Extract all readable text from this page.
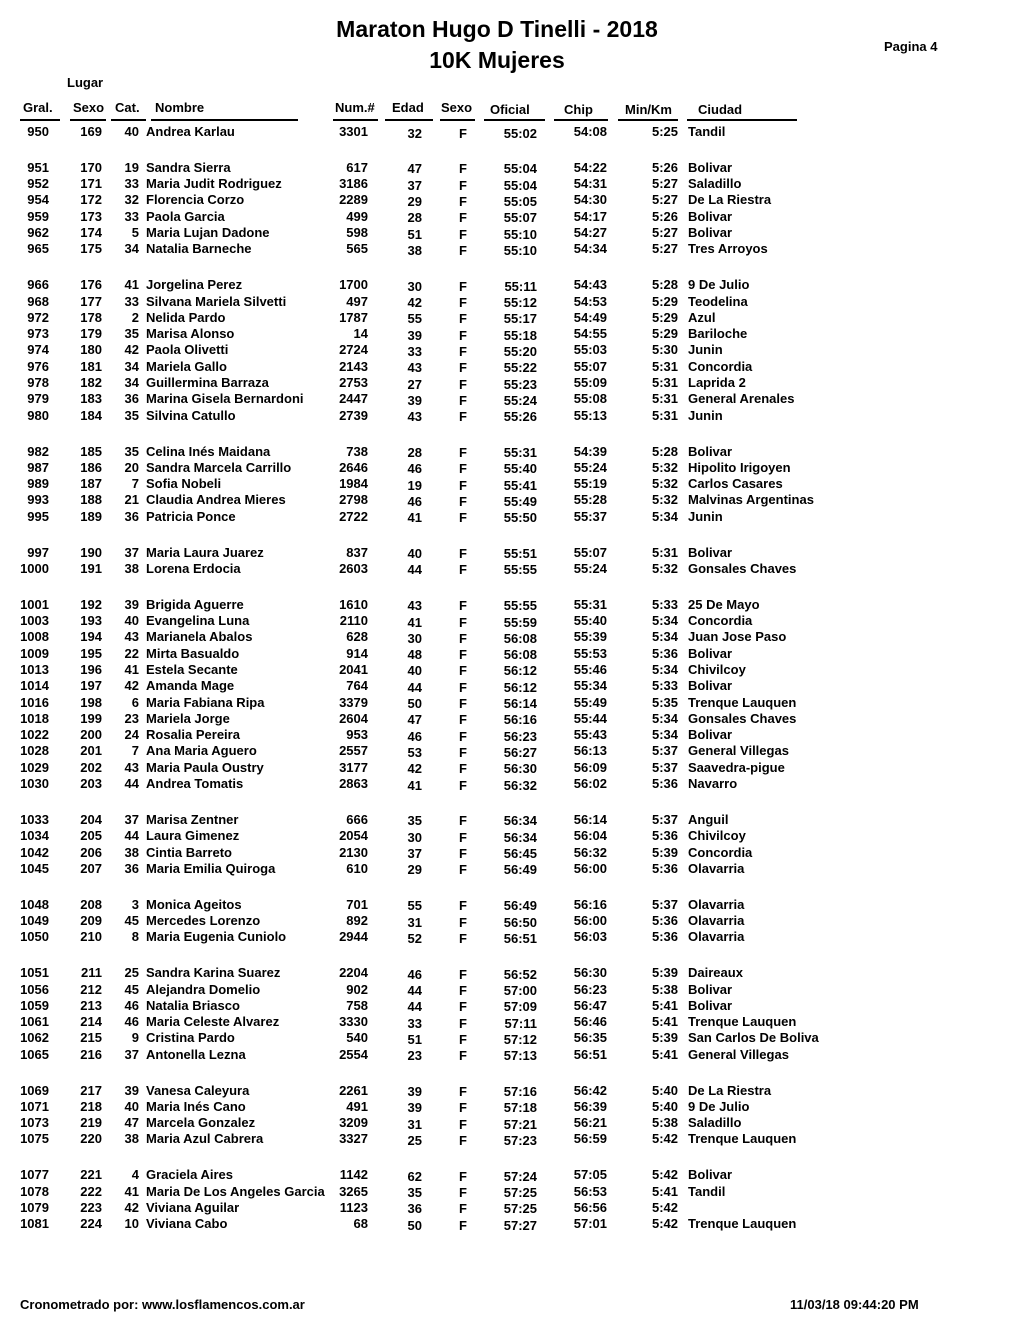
Maraton Hugo D Tinelli - 2018
10K Mujeres
Pagina 4
Lugar
Gral. Sexo Cat. Nombre	Num.# Edad Sexo Oficial	Chip Min/Km Ciudad
950	169	40 Andrea Karlau	3301	32	F	55:02	54:08	5:25 Tandil
951	170	19 Sandra Sierra	617	47	F	55:04	54:22	5:26 Bolivar
952	171	33 Maria Judit Rodriguez	3186	37	F	55:04	54:31	5:27 Saladillo
954	172	32 Florencia Corzo	2289	29	F	55:05	54:30	5:27 De La Riestra
959	173	33 Paola Garcia	499	28	F	55:07	54:17	5:26 Bolivar
962	174	5 Maria Lujan Dadone	598	51	F	55:10	54:27	5:27 Bolivar
965	175	34 Natalia Barneche	565	38	F	55:10	54:34	5:27 Tres Arroyos
966	176	41 Jorgelina Perez	1700	30	F	55:11	54:43	5:28 9 De Julio
968	177	33 Silvana Mariela Silvetti	497	42	F	55:12	54:53	5:29 Teodelina
972	178	2 Nelida Pardo	1787	55	F	55:17	54:49	5:29 Azul
973	179	35 Marisa Alonso	14	39	F	55:18	54:55	5:29 Bariloche
974	180	42 Paola Olivetti	2724	33	F	55:20	55:03	5:30 Junin
976	181	34 Mariela Gallo	2143	43	F	55:22	55:07	5:31 Concordia
978	182	34 Guillermina Barraza	2753	27	F	55:23	55:09	5:31 Laprida 2
979	183	36 Marina Gisela Bernardoni	2447	39	F	55:24	55:08	5:31 General Arenales
980	184	35 Silvina Catullo	2739	43	F	55:26	55:13	5:31 Junin
982	185	35 Celina Inés Maidana	738	28	F	55:31	54:39	5:28 Bolivar
987	186	20 Sandra Marcela Carrillo	2646	46	F	55:40	55:24	5:32 Hipolito Irigoyen
989	187	7 Sofia Nobeli	1984	19	F	55:41	55:19	5:32 Carlos Casares
993	188	21 Claudia Andrea Mieres	2798	46	F	55:49	55:28	5:32 Malvinas Argentinas
995	189	36 Patricia Ponce	2722	41	F	55:50	55:37	5:34 Junin
997	190	37 Maria Laura Juarez	837	40	F	55:51	55:07	5:31 Bolivar
1000	191	38 Lorena Erdocia	2603	44	F	55:55	55:24	5:32 Gonsales Chaves
1001	192	39 Brigida Aguerre	1610	43	F	55:55	55:31	5:33 25 De Mayo
1003	193	40 Evangelina Luna	2110	41	F	55:59	55:40	5:34 Concordia
1008	194	43 Marianela Abalos	628	30	F	56:08	55:39	5:34 Juan Jose Paso
1009	195	22 Mirta Basualdo	914	48	F	56:08	55:53	5:36 Bolivar
1013	196	41 Estela Secante	2041	40	F	56:12	55:46	5:34 Chivilcoy
1014	197	42 Amanda Mage	764	44	F	56:12	55:34	5:33 Bolivar
1016	198	6 Maria Fabiana Ripa	3379	50	F	56:14	55:49	5:35 Trenque Lauquen
1018	199	23 Mariela Jorge	2604	47	F	56:16	55:44	5:34 Gonsales Chaves
1022	200	24 Rosalia Pereira	953	46	F	56:23	55:43	5:34 Bolivar
1028	201	7 Ana Maria Aguero	2557	53	F	56:27	56:13	5:37 General Villegas
1029	202	43 Maria Paula Oustry	3177	42	F	56:30	56:09	5:37 Saavedra-pigue
1030	203	44 Andrea Tomatis	2863	41	F	56:32	56:02	5:36 Navarro
1033	204	37 Marisa Zentner	666	35	F	56:34	56:14	5:37 Anguil
1034	205	44 Laura Gimenez	2054	30	F	56:34	56:04	5:36 Chivilcoy
1042	206	38 Cintia Barreto	2130	37	F	56:45	56:32	5:39 Concordia
1045	207	36 Maria Emilia Quiroga	610	29	F	56:49	56:00	5:36 Olavarria
1048	208	3 Monica Ageitos	701	55	F	56:49	56:16	5:37 Olavarria
1049	209	45 Mercedes Lorenzo	892	31	F	56:50	56:00	5:36 Olavarria
1050	210	8 Maria Eugenia Cuniolo	2944	52	F	56:51	56:03	5:36 Olavarria
1051	211	25 Sandra Karina Suarez	2204	46	F	56:52	56:30	5:39 Daireaux
1056	212	45 Alejandra Domelio	902	44	F	57:00	56:23	5:38 Bolivar
1059	213	46 Natalia Briasco	758	44	F	57:09	56:47	5:41 Bolivar
1061	214	46 Maria Celeste Alvarez	3330	33	F	57:11	56:46	5:41 Trenque Lauquen
1062	215	9 Cristina Pardo	540	51	F	57:12	56:35	5:39 San Carlos De Boliva
1065	216	37 Antonella Lezna	2554	23	F	57:13	56:51	5:41 General Villegas
1069	217	39 Vanesa Caleyura	2261	39	F	57:16	56:42	5:40 De La Riestra
1071	218	40 Maria Inés Cano	491	39	F	57:18	56:39	5:40 9 De Julio
1073	219	47 Marcela Gonzalez	3209	31	F	57:21	56:21	5:38 Saladillo
1075	220	38 Maria Azul Cabrera	3327	25	F	57:23	56:59	5:42 Trenque Lauquen
1077	221	4 Graciela Aires	1142	62	F	57:24	57:05	5:42 Bolivar
1078	222	41 Maria De Los Angeles Garcia	3265	35	F	57:25	56:53	5:41 Tandil
1079	223	42 Viviana Aguilar	1123	36	F	57:25	56:56	5:42
1081	224	10 Viviana Cabo	68	50	F	57:27	57:01	5:42 Trenque Lauquen
Cronometrado por: www.losflamencos.com.ar	11/03/18 09:44:20 PM
